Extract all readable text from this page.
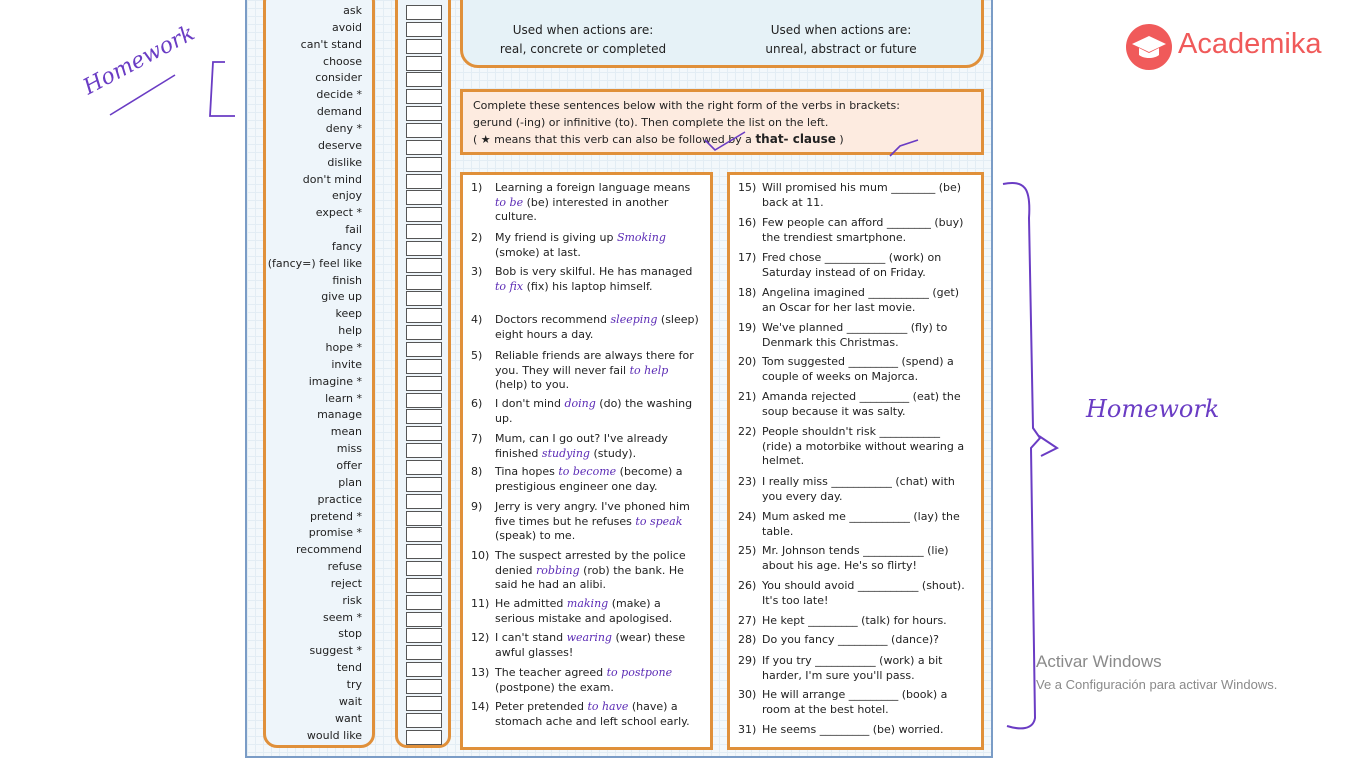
ask
avoid
can't stand
choose
consider
decide *
demand
deny *
deserve
dislike
don't mind
enjoy
expect *
fail
fancy
(fancy=) feel like
finish
give up
keep
help
hope *
invite
imagine *
learn *
manage
mean
miss
offer
plan
practice
pretend *
promise *
recommend
refuse
reject
risk
seem *
stop
suggest *
tend
try
wait
want
would like
Used when actions are:
real, concrete or completed
Used when actions are:
unreal, abstract or future
Complete these sentences below with the right form of the verbs in brackets:
gerund (-ing) or infinitive (to). Then complete the list on the left.
( ★ means that this verb can also be followed by a that- clause )
1) Learning a foreign language means to be (be) interested in another culture.
2) My friend is giving up Smoking (smoke) at last.
3) Bob is very skilful. He has managed to fix (fix) his laptop himself.
4) Doctors recommend sleeping (sleep) eight hours a day.
5) Reliable friends are always there for you. They will never fail to help (help) to you.
6) I don't mind doing (do) the washing up.
7) Mum, can I go out? I've already finished studying (study).
8) Tina hopes to become (become) a prestigious engineer one day.
9) Jerry is very angry. I've phoned him five times but he refuses to speak (speak) to me.
10) The suspect arrested by the police denied robbing (rob) the bank. He said he had an alibi.
11) He admitted making (make) a serious mistake and apologised.
12) I can't stand wearing (wear) these awful glasses!
13) The teacher agreed to postpone (postpone) the exam.
14) Peter pretended to have (have) a stomach ache and left school early.
15) Will promised his mum ________ (be) back at 11.
16) Few people can afford ________ (buy) the trendiest smartphone.
17) Fred chose ___________ (work) on Saturday instead of on Friday.
18) Angelina imagined ___________ (get) an Oscar for her last movie.
19) We've planned ___________ (fly) to Denmark this Christmas.
20) Tom suggested _________ (spend) a couple of weeks on Majorca.
21) Amanda rejected _________ (eat) the soup because it was salty.
22) People shouldn't risk ___________ (ride) a motorbike without wearing a helmet.
23) I really miss ___________ (chat) with you every day.
24) Mum asked me ___________ (lay) the table.
25) Mr. Johnson tends ___________ (lie) about his age. He's so flirty!
26) You should avoid ___________ (shout). It's too late!
27) He kept _________ (talk) for hours.
28) Do you fancy _________ (dance)?
29) If you try ___________ (work) a bit harder, I'm sure you'll pass.
30) He will arrange _________ (book) a room at the best hotel.
31) He seems _________ (be) worried.
Homework
Homework
Academika
Activar Windows
Ve a Configuración para activar Windows.
